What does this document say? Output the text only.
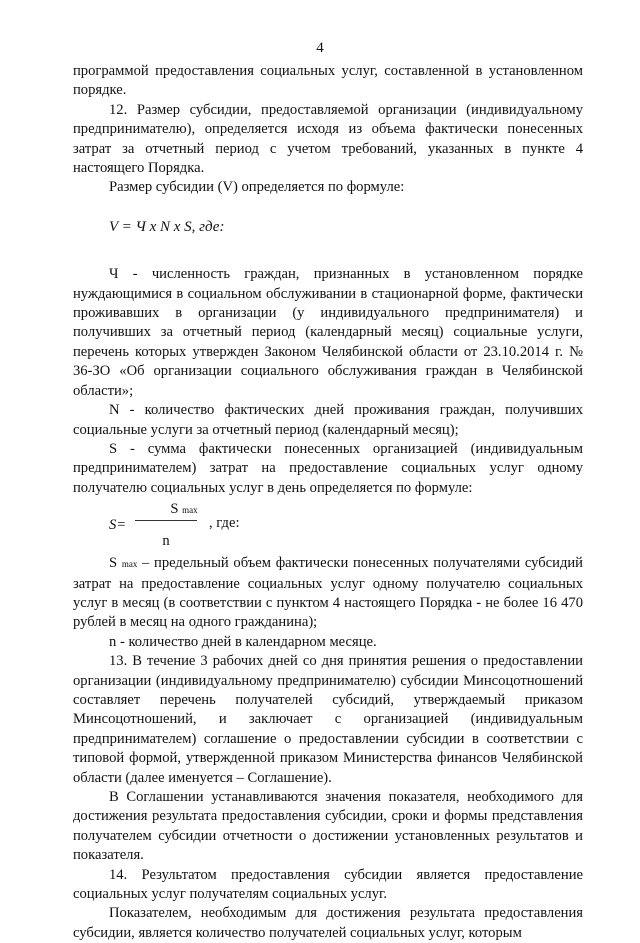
4

программой предоставления социальных услуг, составленной в установленном порядке.

12. Размер субсидии, предоставляемой организации (индивидуальному предпринимателю), определяется исходя из объема фактически понесенных затрат за отчетный период с учетом требований, указанных в пункте 4 настоящего Порядка.

Размер субсидии (V) определяется по формуле:

V = Ч x N x S, где:

Ч - численность граждан, признанных в установленном порядке нуждающимися в социальном обслуживании в стационарной форме, фактически проживавших в организации (у индивидуального предпринимателя) и получивших за отчетный период (календарный месяц) социальные услуги, перечень которых утвержден Законом Челябинской области от 23.10.2014 г. № 36-ЗО «Об организации социального обслуживания граждан в Челябинской области»;

N - количество фактических дней проживания граждан, получивших социальные услуги за отчетный период (календарный месяц);

S - сумма фактически понесенных организацией (индивидуальным предпринимателем) затрат на предоставление социальных услуг одному получателю социальных услуг в день определяется по формуле:

S=
S max
, где:
n

S max – предельный объем фактически понесенных получателями субсидий затрат на предоставление социальных услуг одному получателю социальных услуг в месяц (в соответствии с пунктом 4 настоящего Порядка - не более 16 470 рублей в месяц на одного гражданина);

n - количество дней в календарном месяце.

13. В течение 3 рабочих дней со дня принятия решения о предоставлении организации (индивидуальному предпринимателю) субсидии Минсоцотношений составляет перечень получателей субсидий, утверждаемый приказом Минсоцотношений, и заключает с организацией (индивидуальным предпринимателем) соглашение о предоставлении субсидии в соответствии с типовой формой, утвержденной приказом Министерства финансов Челябинской области (далее именуется – Соглашение).

В Соглашении устанавливаются значения показателя, необходимого для достижения результата предоставления субсидии, сроки и формы представления получателем субсидии отчетности о достижении установленных результатов и показателя.

14. Результатом предоставления субсидии является предоставление социальных услуг получателям социальных услуг.

Показателем, необходимым для достижения результата предоставления субсидии, является количество получателей социальных услуг, которым
